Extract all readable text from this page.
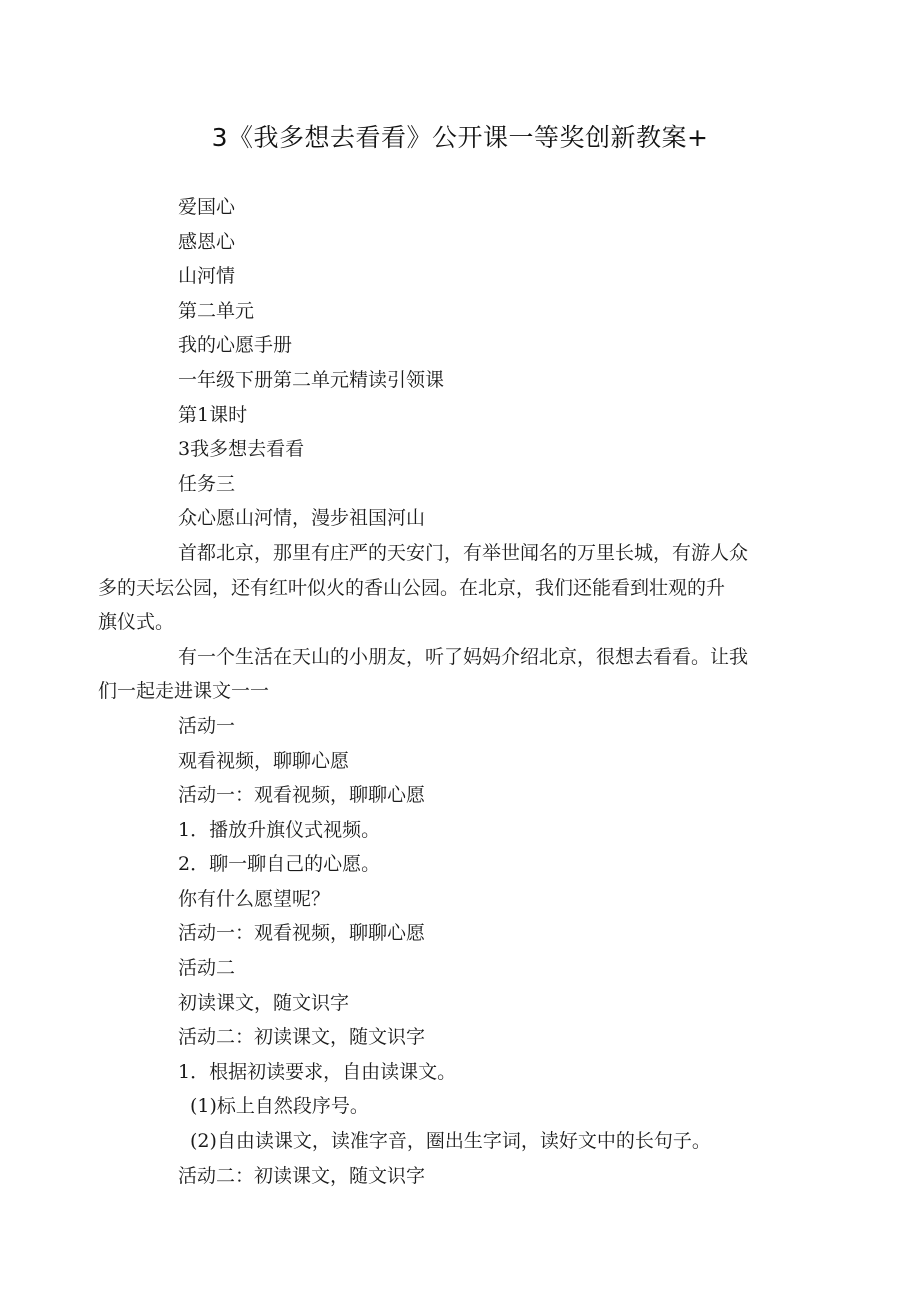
3《我多想去看看》公开课一等奖创新教案+
爱国心
感恩心
山河情
第二单元
我的心愿手册
一年级下册第二单元精读引领课
第1课时
3我多想去看看
任务三
众心愿山河情，漫步祖国河山
首都北京，那里有庄严的天安门，有举世闻名的万里长城，有游人众
多的天坛公园，还有红叶似火的香山公园。在北京，我们还能看到壮观的升
旗仪式。
有一个生活在天山的小朋友，听了妈妈介绍北京，很想去看看。让我
们一起走进课文一一
活动一
观看视频，聊聊心愿
活动一：观看视频，聊聊心愿
1．播放升旗仪式视频。
2．聊一聊自己的心愿。
你有什么愿望呢？
活动一：观看视频，聊聊心愿
活动二
初读课文，随文识字
活动二：初读课文，随文识字
1．根据初读要求，自由读课文。
(1)标上自然段序号。
(2)自由读课文，读准字音，圈出生字词，读好文中的长句子。
活动二：初读课文，随文识字
